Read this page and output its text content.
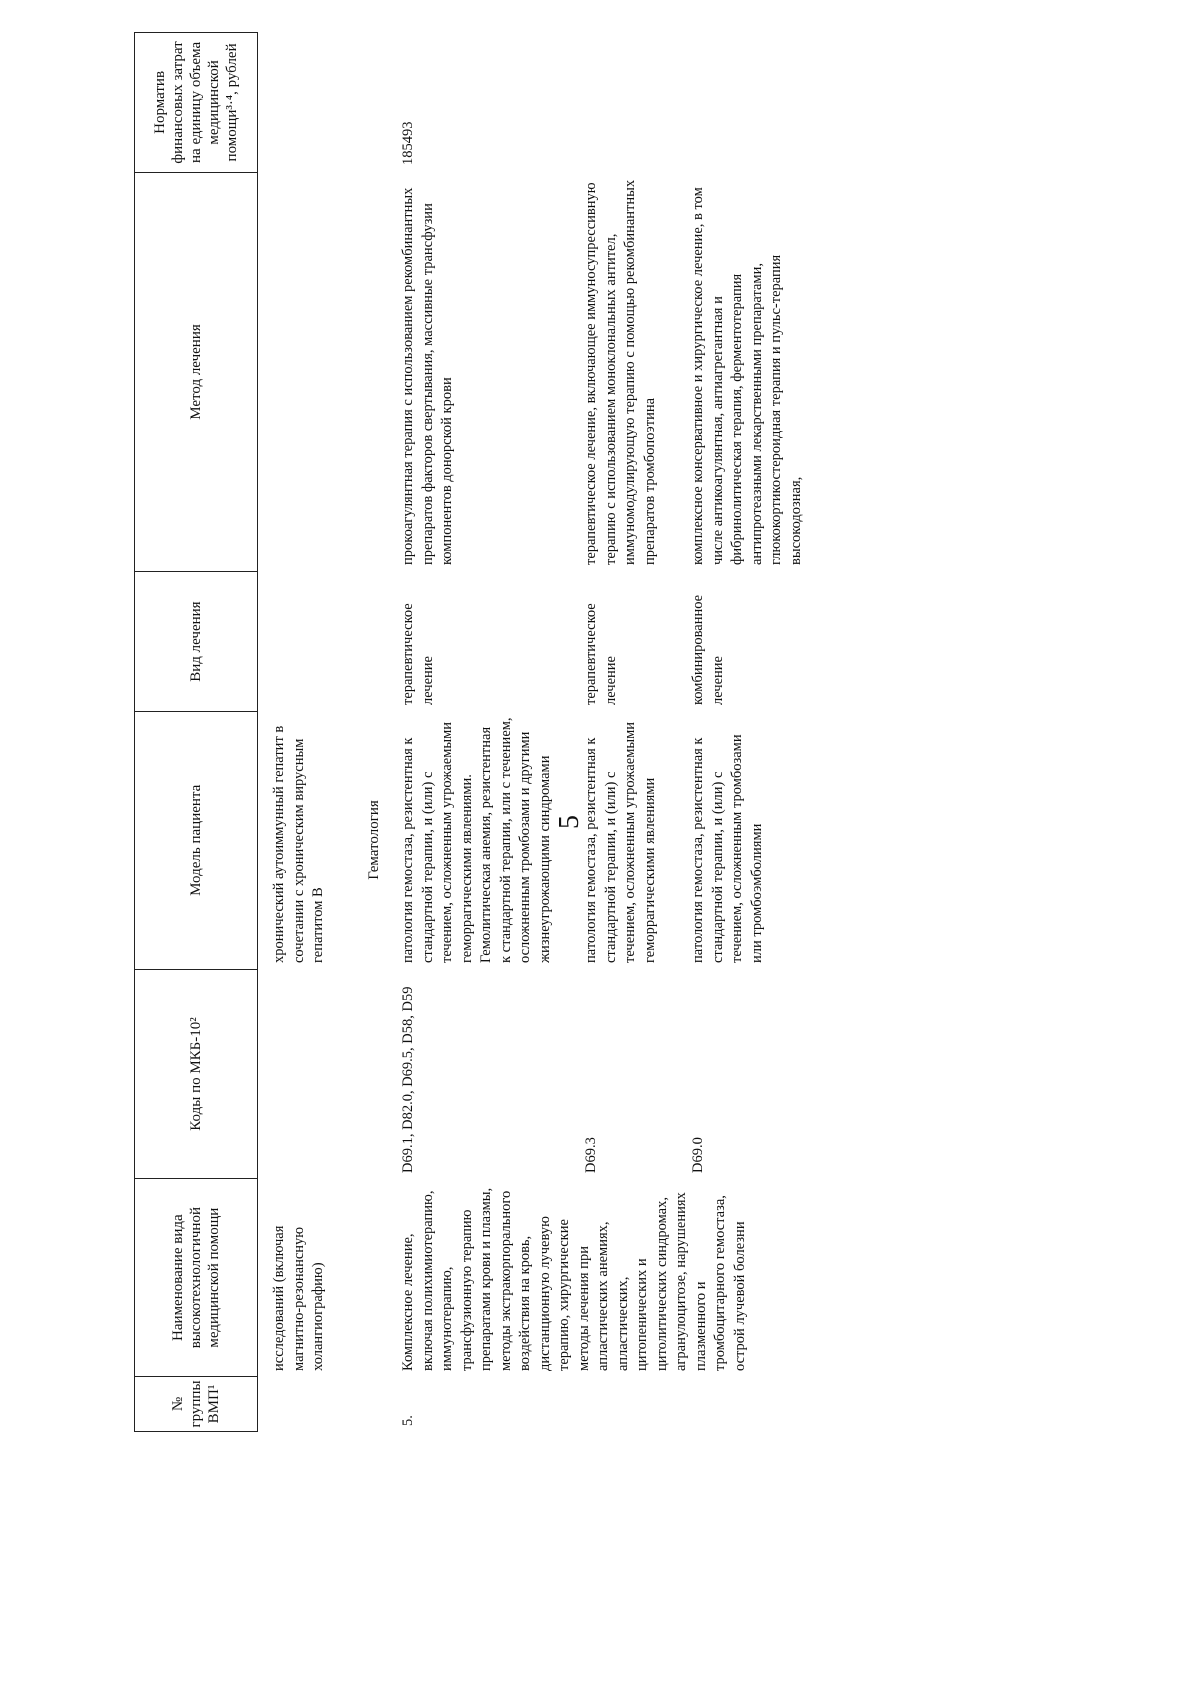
5
№ группы ВМП¹
Наименование вида высокотехнологичной медицинской помощи
Коды по МКБ-10²
Модель пациента
Вид лечения
Метод лечения
Норматив финансовых затрат на единицу объема медицинской помощи³·⁴, рублей
исследований (включая магнитно-резонансную холангиографию)
хронический аутоиммунный гепатит в сочетании с хроническим вирусным гепатитом B
Гематология
5.
Комплексное лечение, включая полихимиотерапию, иммунотерапию, трансфузионную терапию препаратами крови и плазмы, методы экстракорпорального воздействия на кровь, дистанционную лучевую терапию, хирургические методы лечения при апластических анемиях, апластических, цитопенических и цитолитических синдромах, агранулоцитозе, нарушениях плазменного и тромбоцитарного гемостаза, острой лучевой болезни
D69.1, D82.0, D69.5, D58, D59
патология гемостаза, резистентная к стандартной терапии, и (или) с течением, осложненным угрожаемыми геморрагическими явлениями. Гемолитическая анемия, резистентная к стандартной терапии, или с течением, осложненным тромбозами и другими жизнеугрожающими синдромами
терапевтическое лечение
прокоагулянтная терапия с использованием рекомбинантных препаратов факторов свертывания, массивные трансфузии компонентов донорской крови
185493
D69.3
патология гемостаза, резистентная к стандартной терапии, и (или) с течением, осложненным угрожаемыми геморрагическими явлениями
терапевтическое лечение
терапевтическое лечение, включающее иммуносупрессивную терапию с использованием моноклональных антител, иммуномодулирующую терапию с помощью рекомбинантных препаратов тромбопоэтина
D69.0
патология гемостаза, резистентная к стандартной терапии, и (или) с течением, осложненным тромбозами или тромбоэмболиями
комбинированное лечение
комплексное консервативное и хирургическое лечение, в том числе антикоагулянтная, антиагрегантная и фибринолитическая терапия, ферментотерапия антипротеазными лекарственными препаратами, глюкокортикостероидная терапия и пульс-терапия высокодозная,
